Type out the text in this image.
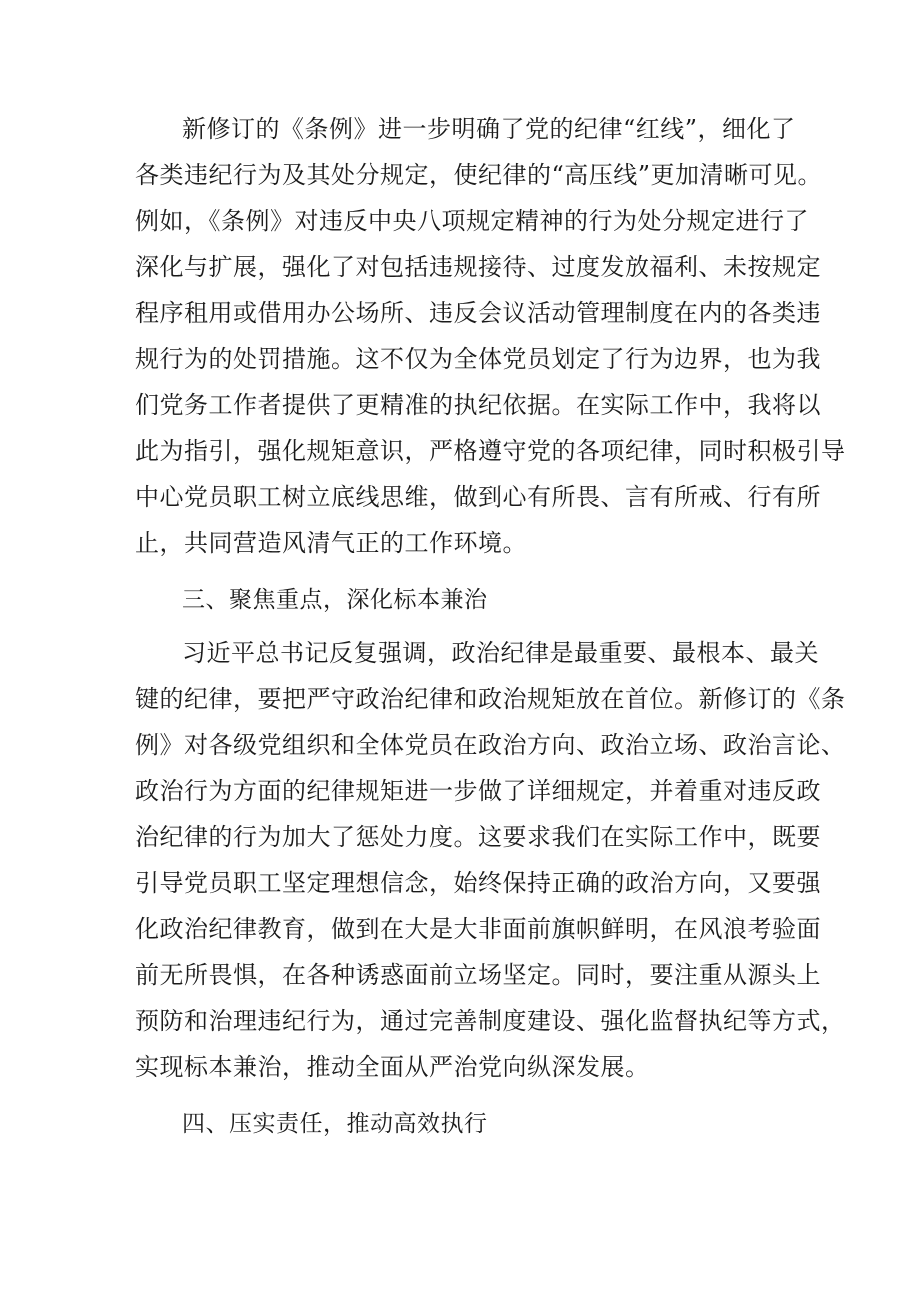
新修订的《条例》进一步明确了党的纪律“红线”，细化了
各类违纪行为及其处分规定，使纪律的“高压线”更加清晰可见。
例如，《条例》对违反中央八项规定精神的行为处分规定进行了
深化与扩展，强化了对包括违规接待、过度发放福利、未按规定
程序租用或借用办公场所、违反会议活动管理制度在内的各类违
规行为的处罚措施。这不仅为全体党员划定了行为边界，也为我
们党务工作者提供了更精准的执纪依据。在实际工作中，我将以
此为指引，强化规矩意识，严格遵守党的各项纪律，同时积极引导
中心党员职工树立底线思维，做到心有所畏、言有所戒、行有所
止，共同营造风清气正的工作环境。
三、聚焦重点，深化标本兼治
习近平总书记反复强调，政治纪律是最重要、最根本、最关
键的纪律，要把严守政治纪律和政治规矩放在首位。新修订的《条
例》对各级党组织和全体党员在政治方向、政治立场、政治言论、
政治行为方面的纪律规矩进一步做了详细规定，并着重对违反政
治纪律的行为加大了惩处力度。这要求我们在实际工作中，既要
引导党员职工坚定理想信念，始终保持正确的政治方向，又要强
化政治纪律教育，做到在大是大非面前旗帜鲜明，在风浪考验面
前无所畏惧，在各种诱惑面前立场坚定。同时，要注重从源头上
预防和治理违纪行为，通过完善制度建设、强化监督执纪等方式，
实现标本兼治，推动全面从严治党向纵深发展。
四、压实责任，推动高效执行
